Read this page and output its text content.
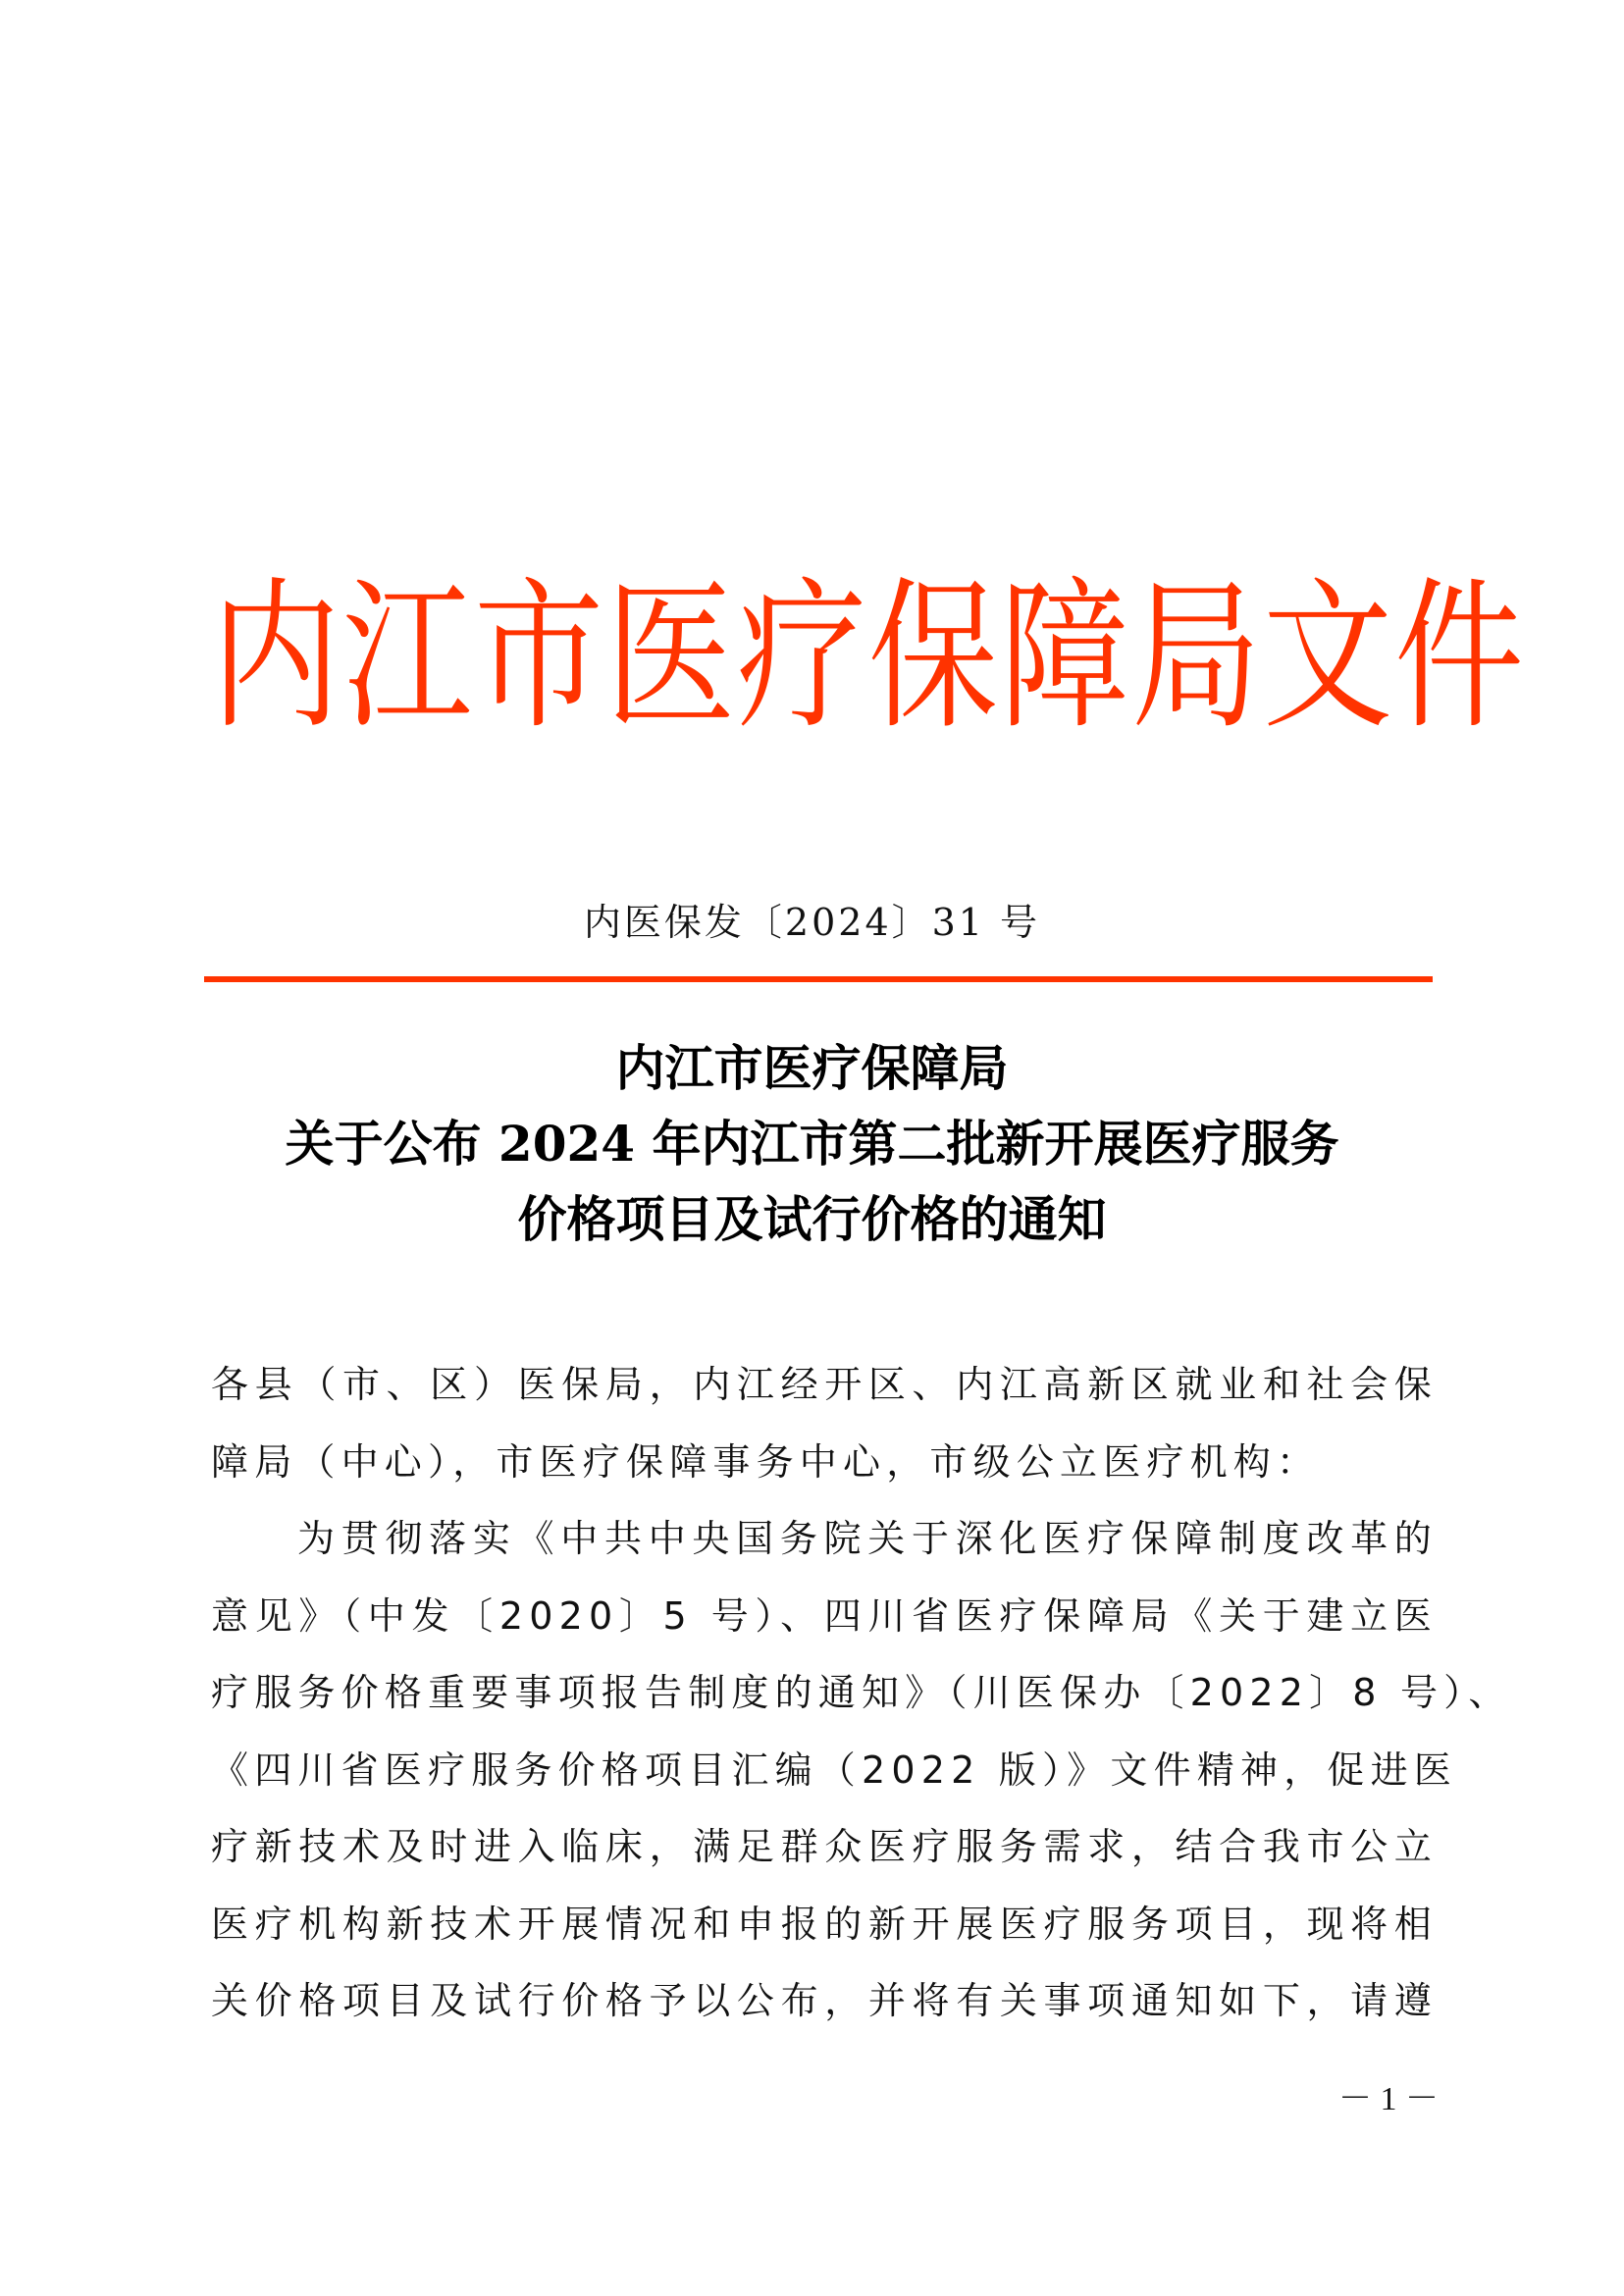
内江市医疗保障局文件
内医保发〔2024〕31 号
内江市医疗保障局
关于公布 2024 年内江市第二批新开展医疗服务
价格项目及试行价格的通知
各县（市、区）医保局，内江经开区、内江高新区就业和社会保
障局（中心），市医疗保障事务中心，市级公立医疗机构：
为贯彻落实《中共中央国务院关于深化医疗保障制度改革的
意见》（中发〔2020〕5 号）、四川省医疗保障局《关于建立医
疗服务价格重要事项报告制度的通知》（川医保办〔2022〕8 号）、
《四川省医疗服务价格项目汇编（2022 版）》文件精神，促进医
疗新技术及时进入临床，满足群众医疗服务需求，结合我市公立
医疗机构新技术开展情况和申报的新开展医疗服务项目，现将相
关价格项目及试行价格予以公布，并将有关事项通知如下，请遵
－ 1 －
